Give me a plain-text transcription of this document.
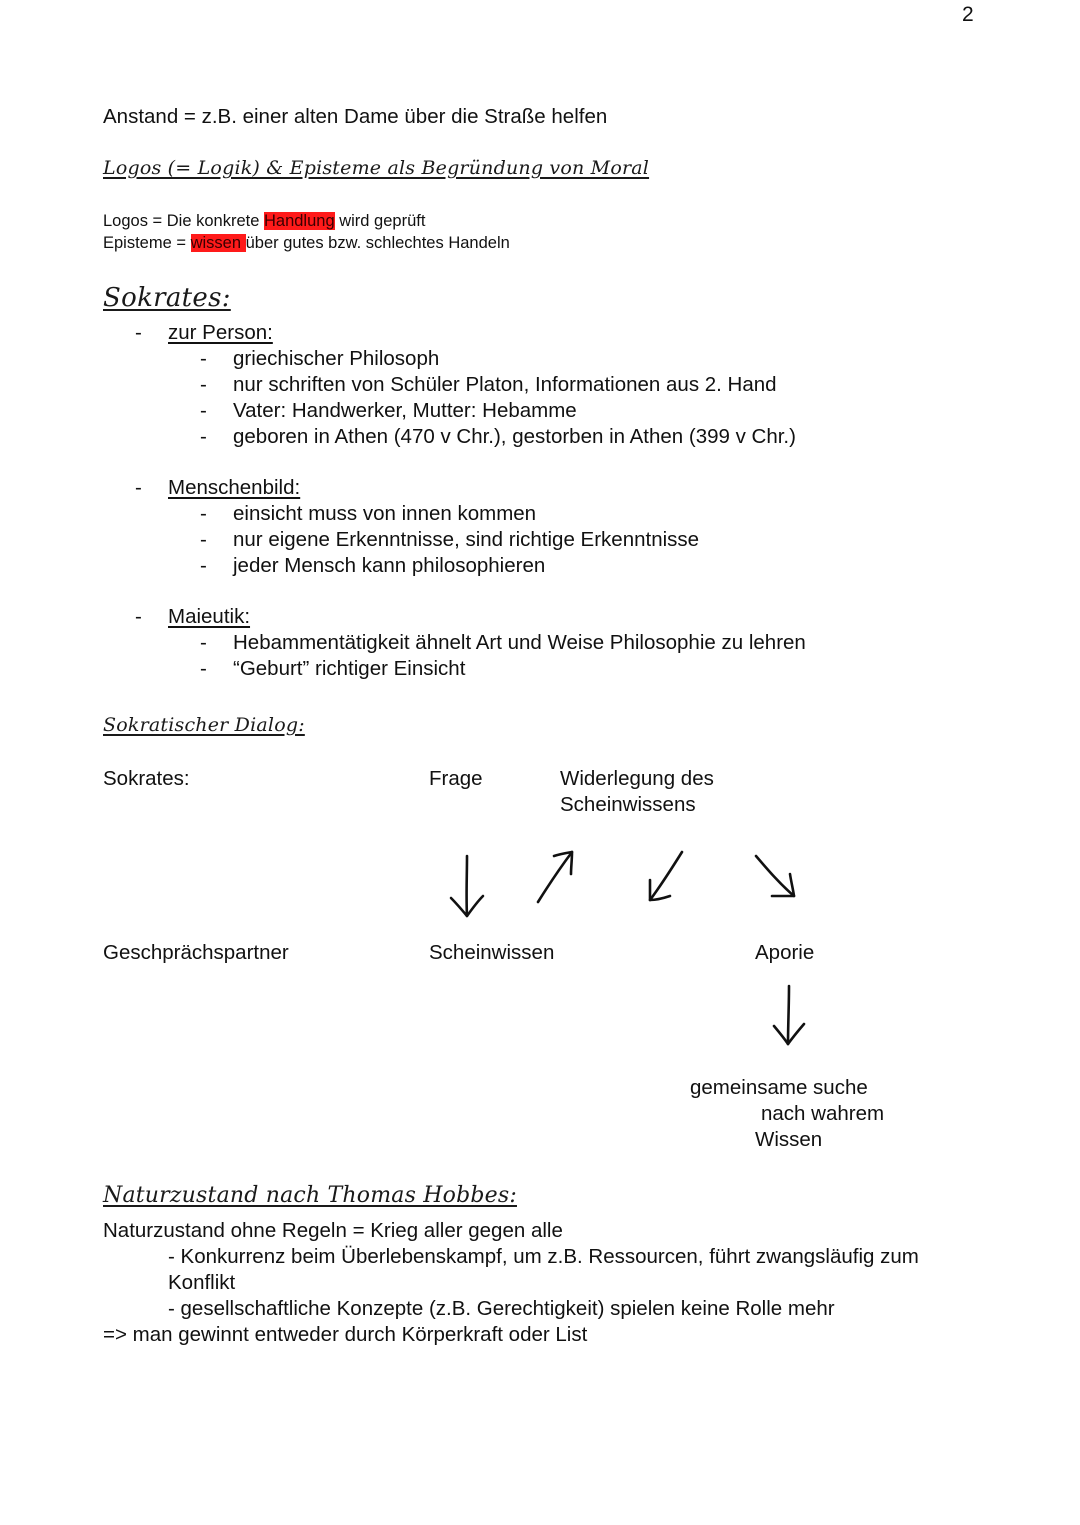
2
Anstand = z.B. einer alten Dame über die Straße helfen
Logos (= Logik) & Episteme als Begründung von Moral
Logos = Die konkrete Handlung wird geprüft
Episteme = wissen über gutes bzw. schlechtes Handeln
Sokrates:
- zur Person:
- griechischer Philosoph
- nur schriften von Schüler Platon, Informationen aus 2. Hand
- Vater: Handwerker, Mutter: Hebamme
- geboren in Athen (470 v Chr.), gestorben in Athen (399 v Chr.)
- Menschenbild:
- einsicht muss von innen kommen
- nur eigene Erkenntnisse, sind richtige Erkenntnisse
- jeder Mensch kann philosophieren
- Maieutik:
- Hebammentätigkeit ähnelt Art und Weise Philosophie zu lehren
- “Geburt” richtiger Einsicht
Sokratischer Dialog:
Sokrates:	Frage	Widerlegung des
Scheinwissens
Geschprächspartner	Scheinwissen	Aporie
gemeinsame suche
nach wahrem
Wissen
Naturzustand nach Thomas Hobbes:
Naturzustand ohne Regeln = Krieg aller gegen alle
- Konkurrenz beim Überlebenskampf, um z.B. Ressourcen, führt zwangsläufig zum
Konflikt
- gesellschaftliche Konzepte (z.B. Gerechtigkeit) spielen keine Rolle mehr
=> man gewinnt entweder durch Körperkraft oder List
